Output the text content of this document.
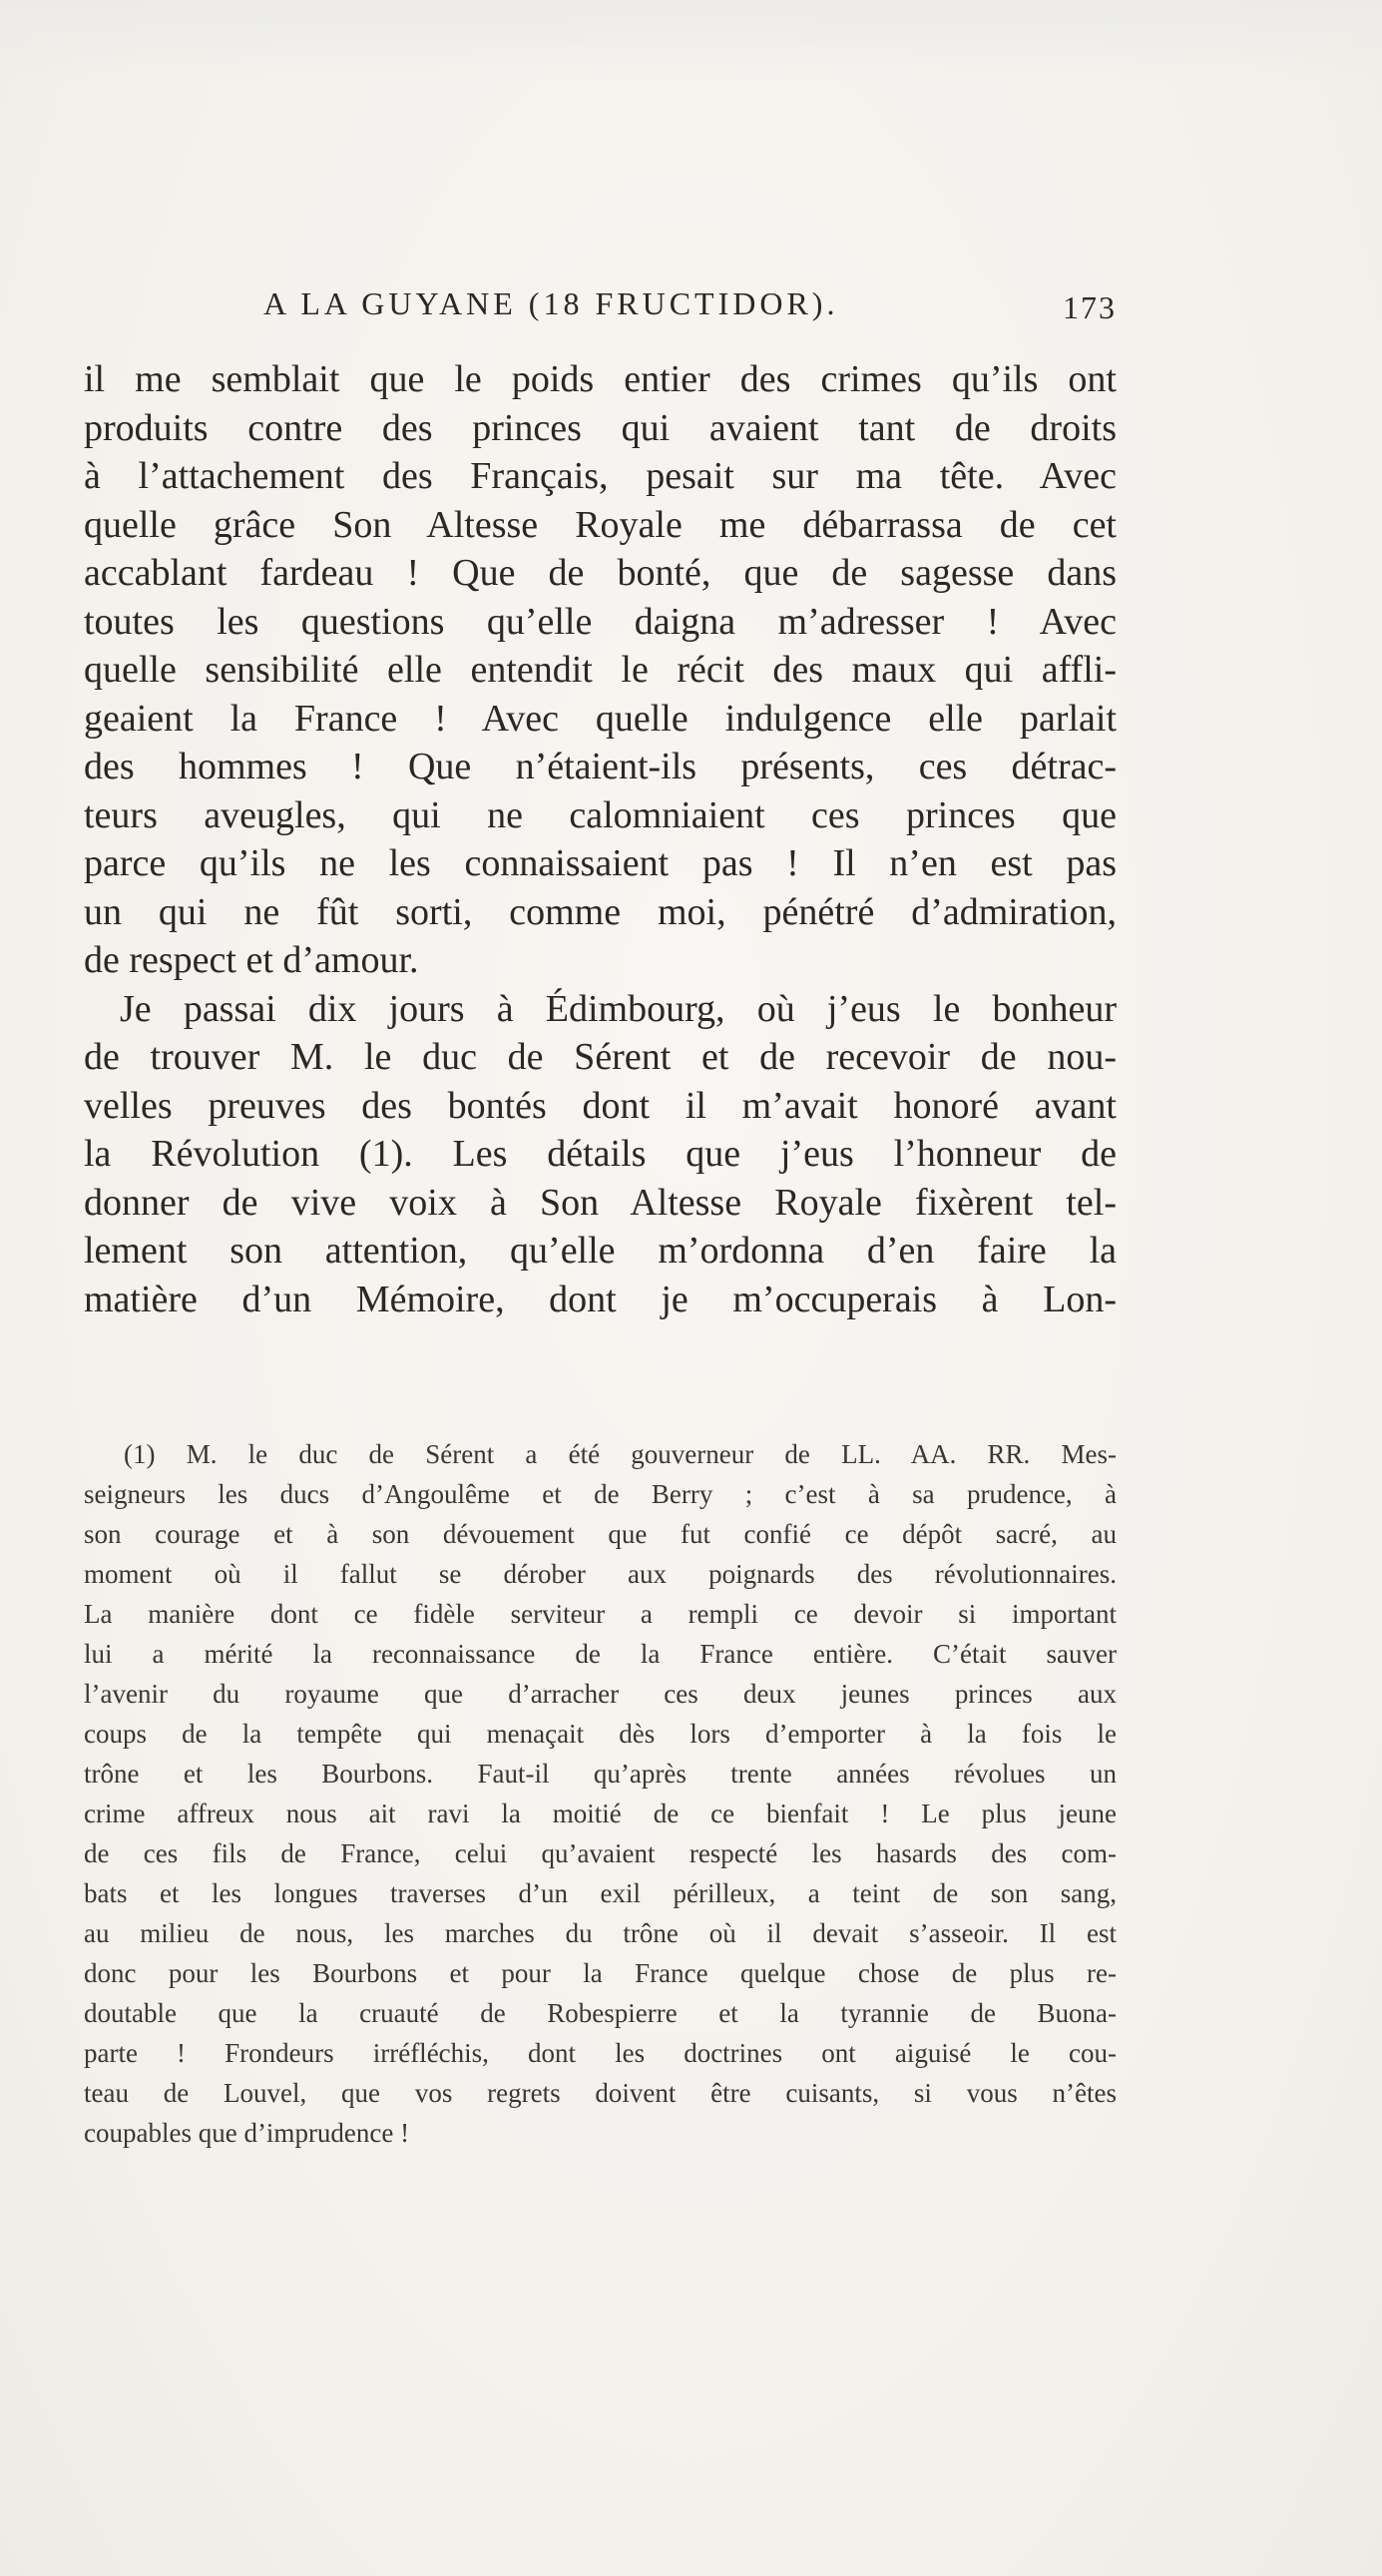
A LA GUYANE (18 FRUCTIDOR).	173
il me semblait que le poids entier des crimes qu’ils ont
produits contre des princes qui avaient tant de droits
à l’attachement des Français, pesait sur ma tête. Avec
quelle grâce Son Altesse Royale me débarrassa de cet
accablant fardeau ! Que de bonté, que de sagesse dans
toutes les questions qu’elle daigna m’adresser ! Avec
quelle sensibilité elle entendit le récit des maux qui affli-
geaient la France ! Avec quelle indulgence elle parlait
des hommes ! Que n’étaient-ils présents, ces détrac-
teurs aveugles, qui ne calomniaient ces princes que
parce qu’ils ne les connaissaient pas ! Il n’en est pas
un qui ne fût sorti, comme moi, pénétré d’admiration,
de respect et d’amour.
Je passai dix jours à Édimbourg, où j’eus le bonheur
de trouver M. le duc de Sérent et de recevoir de nou-
velles preuves des bontés dont il m’avait honoré avant
la Révolution (1). Les détails que j’eus l’honneur de
donner de vive voix à Son Altesse Royale fixèrent tel-
lement son attention, qu’elle m’ordonna d’en faire la
matière d’un Mémoire, dont je m’occuperais à Lon-
(1) M. le duc de Sérent a été gouverneur de LL. AA. RR. Mes-
seigneurs les ducs d’Angoulême et de Berry ; c’est à sa prudence, à
son courage et à son dévouement que fut confié ce dépôt sacré, au
moment où il fallut se dérober aux poignards des révolutionnaires.
La manière dont ce fidèle serviteur a rempli ce devoir si important
lui a mérité la reconnaissance de la France entière. C’était sauver
l’avenir du royaume que d’arracher ces deux jeunes princes aux
coups de la tempête qui menaçait dès lors d’emporter à la fois le
trône et les Bourbons. Faut-il qu’après trente années révolues un
crime affreux nous ait ravi la moitié de ce bienfait ! Le plus jeune
de ces fils de France, celui qu’avaient respecté les hasards des com-
bats et les longues traverses d’un exil périlleux, a teint de son sang,
au milieu de nous, les marches du trône où il devait s’asseoir. Il est
donc pour les Bourbons et pour la France quelque chose de plus re-
doutable que la cruauté de Robespierre et la tyrannie de Buona-
parte ! Frondeurs irréfléchis, dont les doctrines ont aiguisé le cou-
teau de Louvel, que vos regrets doivent être cuisants, si vous n’êtes
coupables que d’imprudence !
